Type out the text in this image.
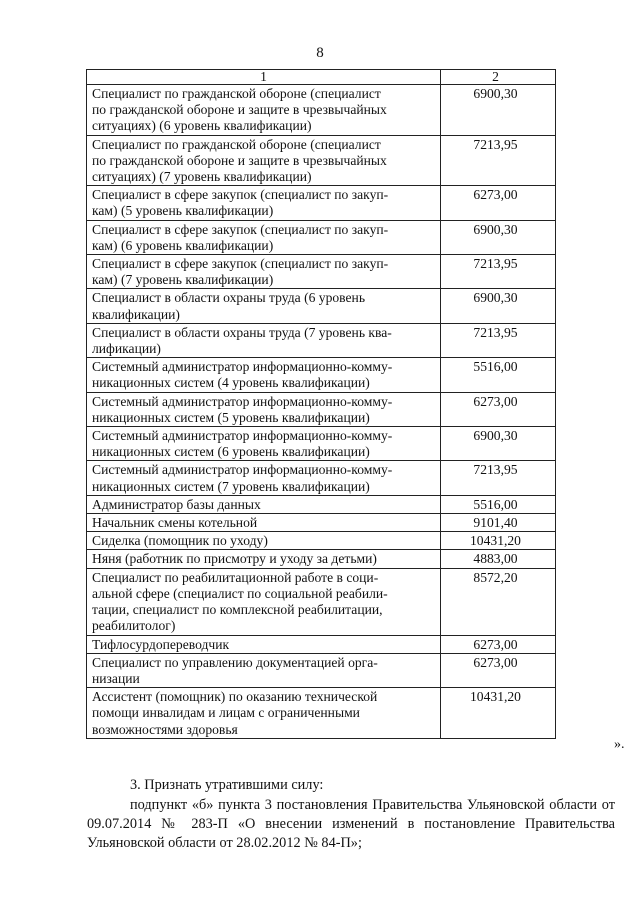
8
1	2
Специалист по гражданской обороне (специалист
по гражданской обороне и защите в чрезвычайных
ситуациях) (6 уровень квалификации)	6900,30
Специалист по гражданской обороне (специалист
по гражданской обороне и защите в чрезвычайных
ситуациях) (7 уровень квалификации)	7213,95
Специалист в сфере закупок (специалист по закуп-
кам) (5 уровень квалификации)	6273,00
Специалист в сфере закупок (специалист по закуп-
кам) (6 уровень квалификации)	6900,30
Специалист в сфере закупок (специалист по закуп-
кам) (7 уровень квалификации)	7213,95
Специалист в области охраны труда (6 уровень
квалификации)	6900,30
Специалист в области охраны труда (7 уровень ква-
лификации)	7213,95
Системный администратор информационно-комму-
никационных систем (4 уровень квалификации)	5516,00
Системный администратор информационно-комму-
никационных систем (5 уровень квалификации)	6273,00
Системный администратор информационно-комму-
никационных систем (6 уровень квалификации)	6900,30
Системный администратор информационно-комму-
никационных систем (7 уровень квалификации)	7213,95
Администратор базы данных	5516,00
Начальник смены котельной	9101,40
Сиделка (помощник по уходу)	10431,20
Няня (работник по присмотру и уходу за детьми)	4883,00
Специалист по реабилитационной работе в соци-
альной сфере (специалист по социальной реабили-
тации, специалист по комплексной реабилитации,
реабилитолог)	8572,20
Тифлосурдопереводчик	6273,00
Специалист по управлению документацией орга-
низации	6273,00
Ассистент (помощник) по оказанию технической
помощи инвалидам и лицам с ограниченными
возможностями здоровья	10431,20
».
3. Признать утратившими силу:
подпункт «б» пункта 3 постановления Правительства Ульяновской области от 09.07.2014 № 283-П «О внесении изменений в постановление Правительства Ульяновской области от 28.02.2012 № 84-П»;
